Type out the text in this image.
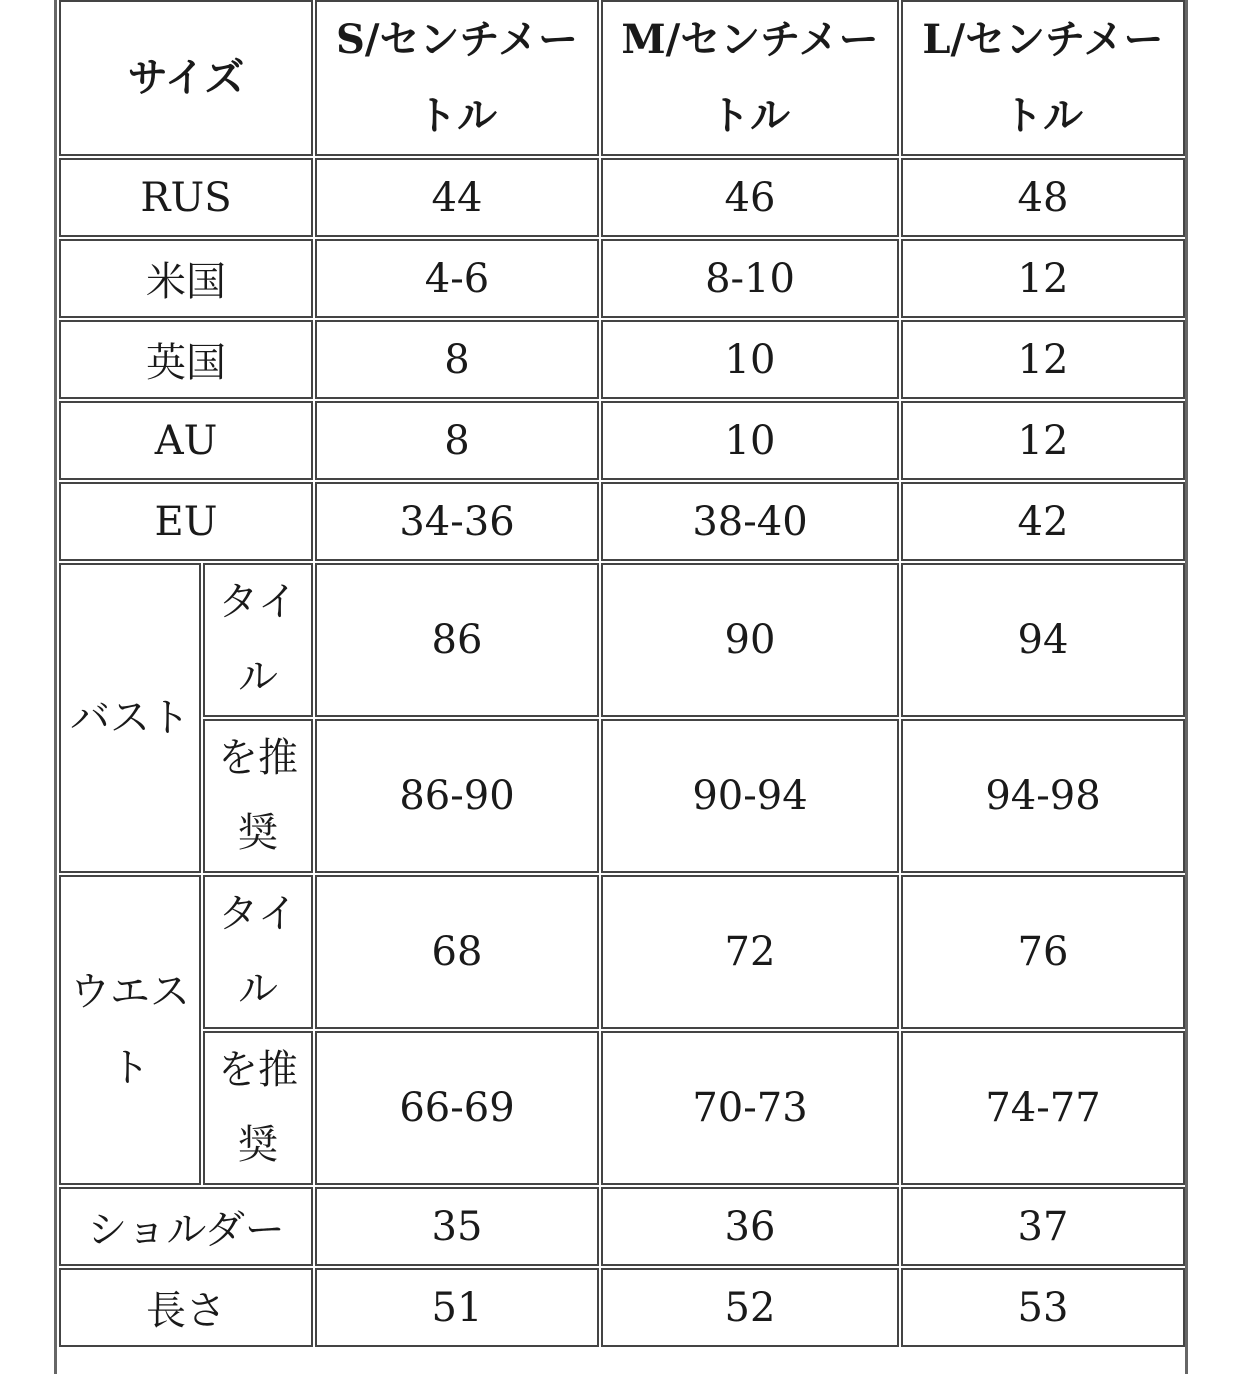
サイズ		S/センチメートル	M/センチメートル	L/センチメートル
RUS		44	46	48
米国		4-6	8-10	12
英国		8	10	12
AU		8	10	12
EU		34-36	38-40	42
バスト	タイル	86	90	94
	を推奨	86-90	90-94	94-98
ウエスト	タイル	68	72	76
	を推奨	66-69	70-73	74-77
ショルダー		35	36	37
長さ		51	52	53
